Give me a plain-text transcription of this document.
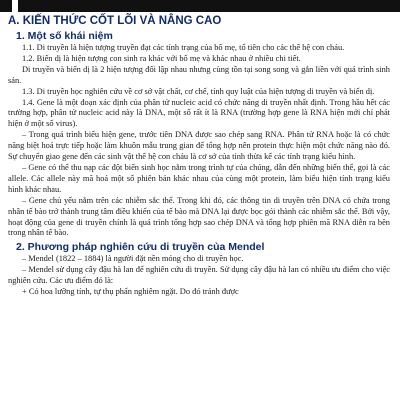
A. KIẾN THỨC CỐT LÕI VÀ NÂNG CAO
1. Một số khái niệm

1.1. Di truyền là hiện tượng truyền đạt các tính trạng của bố mẹ, tổ tiên cho các thế hệ con cháu.

1.2. Biến dị là hiện tượng con sinh ra khác với bố mẹ và khác nhau ở nhiều chi tiết.

Di truyền và biến dị là 2 hiện tượng đối lập nhau nhưng cùng tồn tại song song và gắn liền với quá trình sinh sản.

1.3. Di truyền học nghiên cứu về cơ sở vật chất, cơ chế, tính quy luật của hiện tượng di truyền và biến dị.

1.4. Gene là một đoạn xác định của phân tử nucleic acid có chức năng di truyền nhất định. Trong hầu hết các trường hợp, phân tử nucleic acid này là DNA, một số rất ít là RNA (trường hợp gene là RNA hiện mới chỉ phát hiện ở một số virus).

– Trong quá trình biểu hiện gene, trước tiên DNA được sao chép sang RNA. Phân tử RNA hoặc là có chức năng biệt hoá trực tiếp hoặc làm khuôn mẫu trung gian để tổng hợp nên protein thực hiện một chức năng nào đó. Sự chuyển giao gene đến các sinh vật thế hệ con cháu là cơ sở của tính thừa kế các tính trạng kiểu hình.

– Gene có thể thu nạp các đột biến sinh học nằm trong trình tự của chúng, dẫn đến những biến thể, gọi là các allele. Các allele này mã hoá một số phiên bản khác nhau của cùng một protein, làm biểu hiện tính trạng kiểu hình khác nhau.

– Gene chủ yếu nằm trên các nhiễm sắc thể. Trong khi đó, các thông tin di truyền trên DNA có chứa trong nhân tế bào trở thành trung tâm điều khiển của tế bào mà DNA lại được bọc gói thành các nhiễm sắc thể. Bởi vậy, hoạt động của gene di truyền chính là quá trình tổng hợp sao chép DNA và tổng hợp phiên mã RNA diễn ra bên trong nhân tế bào.

2. Phương pháp nghiên cứu di truyền của Mendel

– Mendel (1822 – 1884) là người đặt nền móng cho di truyền học.

– Mendel sử dụng cây đậu hà lan để nghiên cứu di truyền. Sử dụng cây đậu hà lan có nhiều ưu điểm cho việc nghiên cứu. Các ưu điểm đó là:

+ Có hoa lưỡng tính, tự thụ phấn nghiêm ngặt. Do đó tránh được
